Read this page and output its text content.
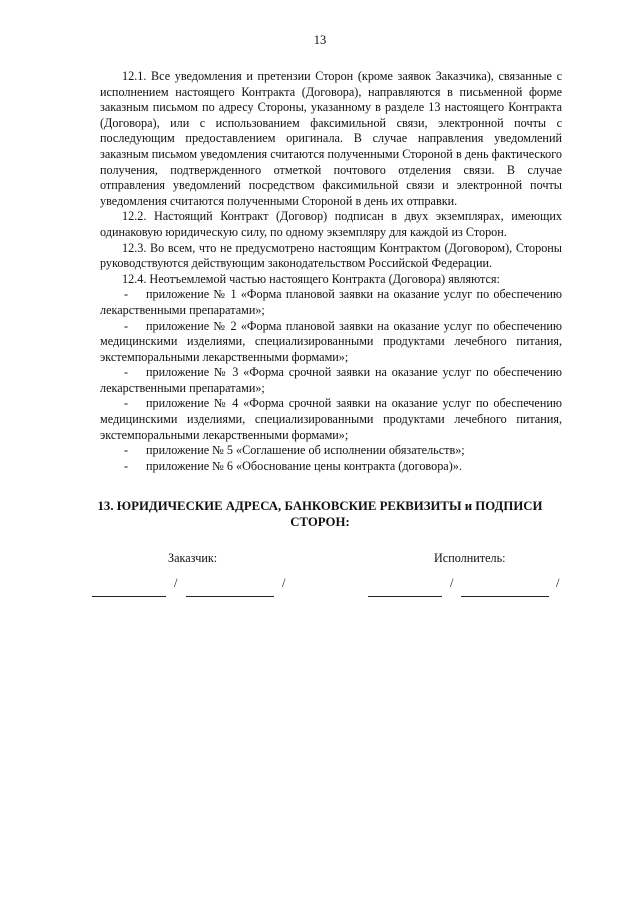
13

12.1. Все уведомления и претензии Сторон (кроме заявок Заказчика), связанные с исполнением настоящего Контракта (Договора), направляются в письменной форме заказным письмом по адресу Стороны, указанному в разделе 13 настоящего Контракта (Договора), или с использованием факсимильной связи, электронной почты с последующим предоставлением оригинала. В случае направления уведомлений заказным письмом уведомления считаются полученными Стороной в день фактического получения, подтвержденного отметкой почтового отделения связи. В случае отправления уведомлений посредством факсимильной связи и электронной почты уведомления считаются полученными Стороной в день их отправки.

12.2. Настоящий Контракт (Договор) подписан в двух экземплярах, имеющих одинаковую юридическую силу, по одному экземпляру для каждой из Сторон.

12.3. Во всем, что не предусмотрено настоящим Контрактом (Договором), Стороны руководствуются действующим законодательством Российской Федерации.

12.4. Неотъемлемой частью настоящего Контракта (Договора) являются:

- приложение № 1 «Форма плановой заявки на оказание услуг по обеспечению лекарственными препаратами»;

- приложение № 2 «Форма плановой заявки на оказание услуг по обеспечению медицинскими изделиями, специализированными продуктами лечебного питания, экстемпоральными лекарственными формами»;

- приложение № 3 «Форма срочной заявки на оказание услуг по обеспечению лекарственными препаратами»;

- приложение № 4 «Форма срочной заявки на оказание услуг по обеспечению медицинскими изделиями, специализированными продуктами лечебного питания, экстемпоральными лекарственными формами»;

- приложение № 5 «Соглашение об исполнении обязательств»;

- приложение № 6 «Обоснование цены контракта (договора)».

13. ЮРИДИЧЕСКИЕ АДРЕСА, БАНКОВСКИЕ РЕКВИЗИТЫ и ПОДПИСИ
СТОРОН:
Заказчик:	Исполнитель:
/	/	/	/
